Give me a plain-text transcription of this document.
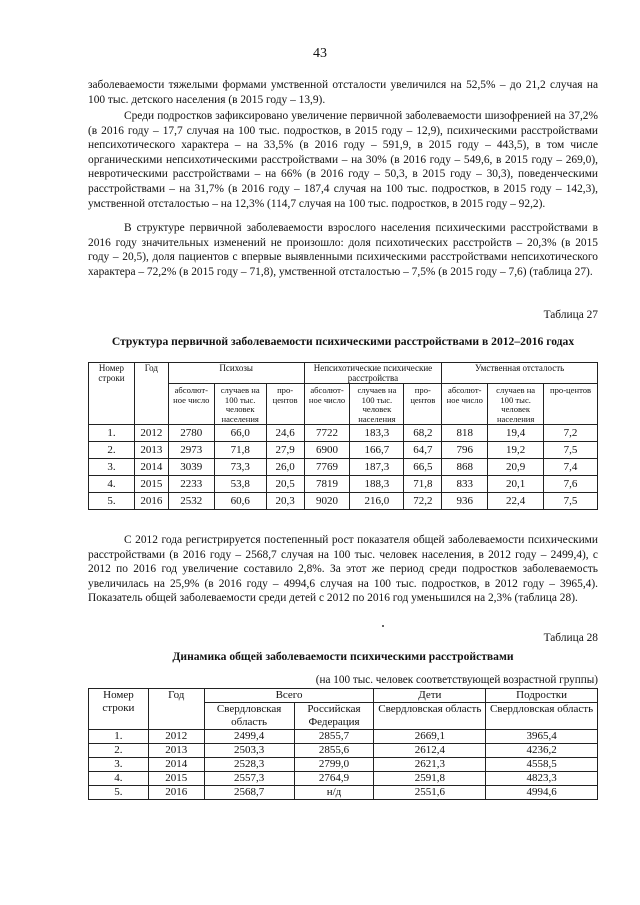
43

заболеваемости тяжелыми формами умственной отсталости увеличился на 52,5% – до 21,2 случая на 100 тыс. детского населения (в 2015 году – 13,9).

Среди подростков зафиксировано увеличение первичной заболеваемости шизофренией на 37,2% (в 2016 году – 17,7 случая на 100 тыс. подростков, в 2015 году – 12,9), психическими расстройствами непсихотического характера – на 33,5% (в 2016 году – 591,9, в 2015 году – 443,5), в том числе органическими непсихотическими расстройствами – на 30% (в 2016 году – 549,6, в 2015 году – 269,0), невротическими расстройствами – на 66% (в 2016 году – 50,3, в 2015 году – 30,3), поведенческими расстройствами – на 31,7% (в 2016 году – 187,4 случая на 100 тыс. подростков, в 2015 году – 142,3), умственной отсталостью – на 12,3% (114,7 случая на 100 тыс. подростков, в 2015 году – 92,2).

В структуре первичной заболеваемости взрослого населения психическими расстройствами в 2016 году значительных изменений не произошло: доля психотических расстройств – 20,3% (в 2015 году – 20,5), доля пациентов с впервые выявленными психическими расстройствами непсихотического характера – 72,2% (в 2015 году – 71,8), умственной отсталостью – 7,5% (в 2015 году – 7,6) (таблица 27).

Таблица 27
Структура первичной заболеваемости психическими расстройствами в 2012–2016 годах
Номер строки	Год	Психозы			Непсихотические психические расстройства			Умственная отсталость		
		абсолют-ное число	случаев на 100 тыс. человек населения	про-центов	абсолют-ное число	случаев на 100 тыс. человек населения	про-центов	абсолют-ное число	случаев на 100 тыс. человек населения	про-центов
1.	2012	2780	66,0	24,6	7722	183,3	68,2	818	19,4	7,2
2.	2013	2973	71,8	27,9	6900	166,7	64,7	796	19,2	7,5
3.	2014	3039	73,3	26,0	7769	187,3	66,5	868	20,9	7,4
4.	2015	2233	53,8	20,5	7819	188,3	71,8	833	20,1	7,6
5.	2016	2532	60,6	20,3	9020	216,0	72,2	936	22,4	7,5

С 2012 года регистрируется постепенный рост показателя общей заболеваемости психическими расстройствами (в 2016 году – 2568,7 случая на 100 тыс. человек населения, в 2012 году – 2499,4), с 2012 по 2016 год увеличение составило 2,8%. За этот же период среди подростков заболеваемость увеличилась на 25,9% (в 2016 году – 4994,6 случая на 100 тыс. подростков, в 2012 году – 3965,4). Показатель общей заболеваемости среди детей с 2012 по 2016 год уменьшился на 2,3% (таблица 28).

Таблица 28
Динамика общей заболеваемости психическими расстройствами
(на 100 тыс. человек соответствующей возрастной группы)
Номер строки	Год	Всего		Дети	Подростки
		Свердловская область	Российская Федерация	Свердловская область	Свердловская область
1.	2012	2499,4	2855,7	2669,1	3965,4
2.	2013	2503,3	2855,6	2612,4	4236,2
3.	2014	2528,3	2799,0	2621,3	4558,5
4.	2015	2557,3	2764,9	2591,8	4823,3
5.	2016	2568,7	н/д	2551,6	4994,6
